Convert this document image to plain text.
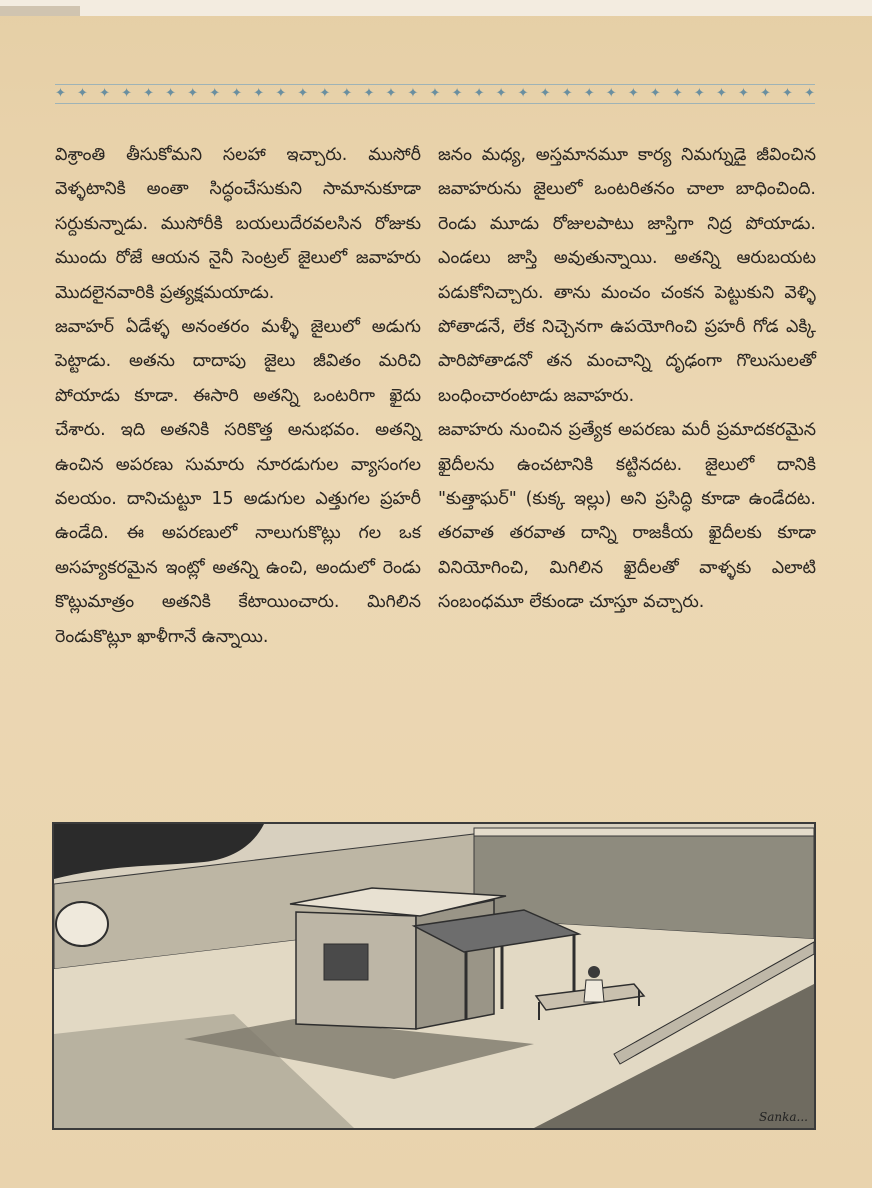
✦ ✦ ✦ ✦ ✦ ✦ ✦ ✦ ✦ ✦ ✦ ✦ ✦ ✦ ✦ ✦ ✦ ✦ ✦ ✦ ✦ ✦ ✦ ✦ ✦ ✦ ✦ ✦ ✦ ✦ ✦ ✦ ✦ ✦ ✦

విశ్రాంతి తీసుకోమని సలహా ఇచ్చారు. ముసోరీ వెళ్ళటానికి అంతా సిద్ధంచేసుకుని సామానుకూడా సర్దుకున్నాడు. ముసోరీకి బయలుదేరవలసిన రోజుకు ముందు రోజే ఆయన నైనీ సెంట్రల్ జైలులో జవాహరు మొదలైనవారికి ప్రత్యక్షమయాడు.

జవాహర్ ఏడేళ్ళ అనంతరం మళ్ళీ జైలులో అడుగు పెట్టాడు. అతను దాదాపు జైలు జీవితం మరిచి పోయాడు కూడా. ఈసారి అతన్ని ఒంటరిగా ఖైదు చేశారు. ఇది అతనికి సరికొత్త అనుభవం. అతన్ని ఉంచిన అపరణు సుమారు నూరడుగుల వ్యాసంగల వలయం. దానిచుట్టూ 15 అడుగుల ఎత్తుగల ప్రహరీ ఉండేది. ఈ అపరణులో నాలుగుకొట్లు గల ఒక అసహ్యకరమైన ఇంట్లో అతన్ని ఉంచి, అందులో రెండు కొట్లుమాత్రం అతనికి కేటాయించారు. మిగిలిన రెండుకొట్లూ ఖాళీగానే ఉన్నాయి.

జనం మధ్య, అస్తమానమూ కార్య నిమగ్నుడై జీవించిన జవాహరును జైలులో ఒంటరితనం చాలా బాధించింది. రెండు మూడు రోజులపాటు జాస్తిగా నిద్ర పోయాడు. ఎండలు జాస్తి అవుతున్నాయి. అతన్ని ఆరుబయట పడుకోనిచ్చారు. తాను మంచం చంకన పెట్టుకుని వెళ్ళి పోతాడనే, లేక నిచ్చెనగా ఉపయోగించి ప్రహరీ గోడ ఎక్కి పారిపోతాడనో తన మంచాన్ని దృఢంగా గొలుసులతో బంధించారంటాడు జవాహరు.

జవాహరు నుంచిన ప్రత్యేక అపరణు మరీ ప్రమాదకరమైన ఖైదీలను ఉంచటానికి కట్టినదట. జైలులో దానికి "కుత్తాఘర్" (కుక్క ఇల్లు) అని ప్రసిద్ధి కూడా ఉండేదట. తరవాత తరవాత దాన్ని రాజకీయ ఖైదీలకు కూడా వినియోగించి, మిగిలిన ఖైదీలతో వాళ్ళకు ఎలాటి సంబంధమూ లేకుండా చూస్తూ వచ్చారు.

Sanka...
